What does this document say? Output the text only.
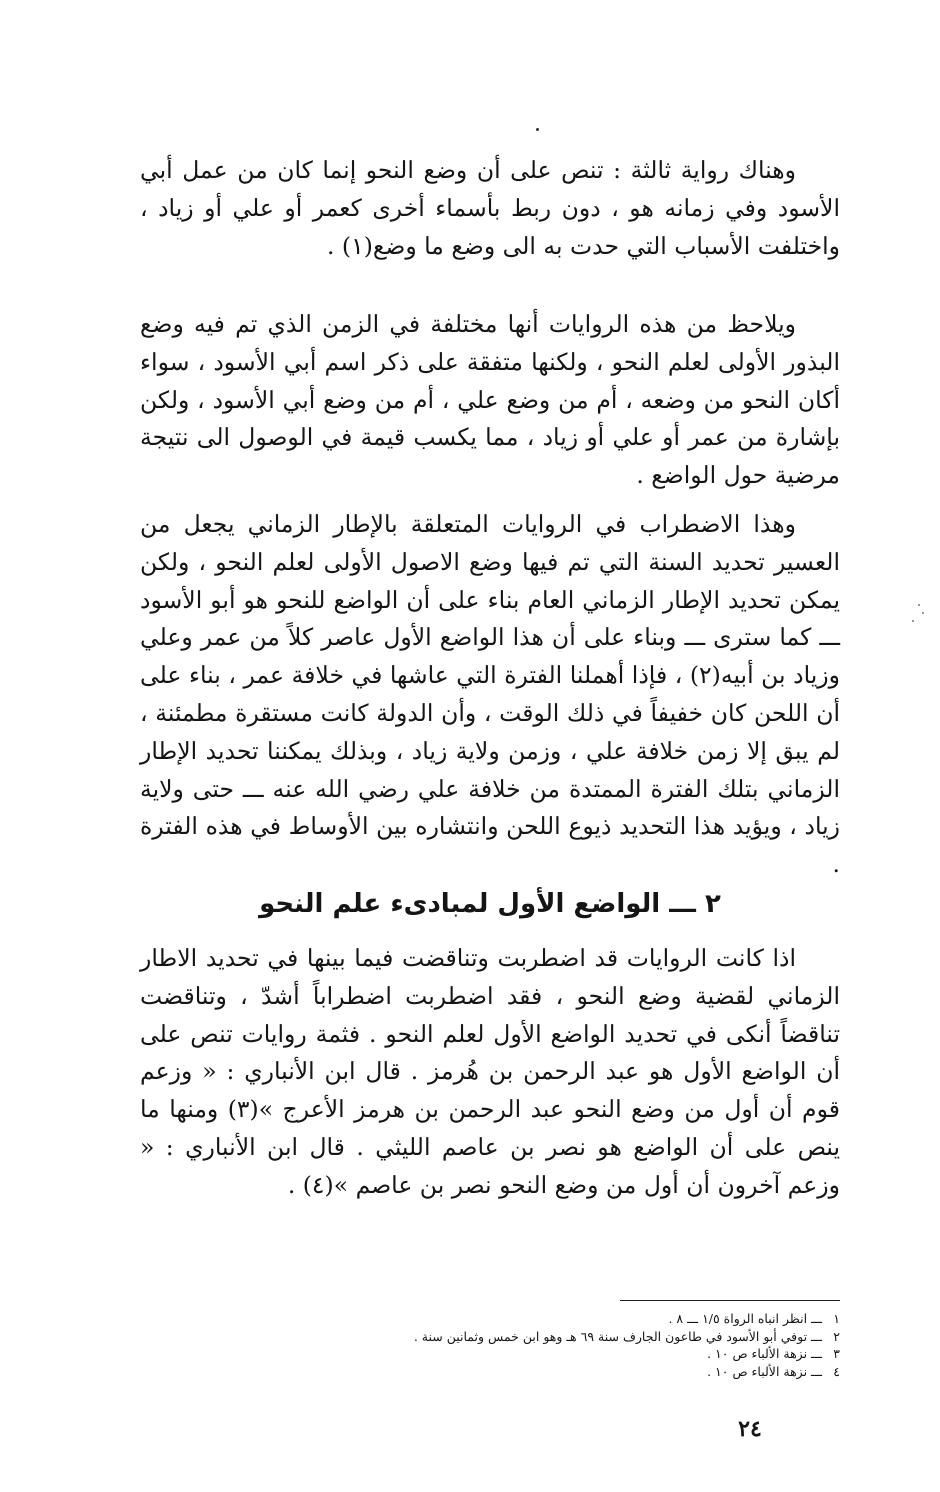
وهناك رواية ثالثة : تنص على أن وضع النحو إنما كان من عمل أبي الأسود وفي زمانه هو ، دون ربط بأسماء أخرى كعمر أو علي أو زياد ، واختلفت الأسباب التي حدت به الى وضع ما وضع(١) .

ويلاحظ من هذه الروايات أنها مختلفة في الزمن الذي تم فيه وضع البذور الأولى لعلم النحو ، ولكنها متفقة على ذكر اسم أبي الأسود ، سواء أكان النحو من وضعه ، أم من وضع علي ، أم من وضع أبي الأسود ، ولكن بإشارة من عمر أو علي أو زياد ، مما يكسب قيمة في الوصول الى نتيجة مرضية حول الواضع .

وهذا الاضطراب في الروايات المتعلقة بالإطار الزماني يجعل من العسير تحديد السنة التي تم فيها وضع الاصول الأولى لعلم النحو ، ولكن يمكن تحديد الإطار الزماني العام بناء على أن الواضع للنحو هو أبو الأسود ـــ كما سترى ـــ وبناء على أن هذا الواضع الأول عاصر كلاً من عمر وعلي وزياد بن أبيه(٢) ، فإذا أهملنا الفترة التي عاشها في خلافة عمر ، بناء على أن اللحن كان خفيفاً في ذلك الوقت ، وأن الدولة كانت مستقرة مطمئنة ، لم يبق إلا زمن خلافة علي ، وزمن ولاية زياد ، وبذلك يمكننا تحديد الإطار الزماني بتلك الفترة الممتدة من خلافة علي رضي الله عنه ـــ حتى ولاية زياد ، ويؤيد هذا التحديد ذيوع اللحن وانتشاره بين الأوساط في هذه الفترة .

٢ ـــ الواضع الأول لمبادىء علم النحو

اذا كانت الروايات قد اضطربت وتناقضت فيما بينها في تحديد الاطار الزماني لقضية وضع النحو ، فقد اضطربت اضطراباً أشدّ ، وتناقضت تناقضاً أنكى في تحديد الواضع الأول لعلم النحو . فثمة روايات تنص على أن الواضع الأول هو عبد الرحمن بن هُرمز . قال ابن الأنباري : « وزعم قوم أن أول من وضع النحو عبد الرحمن بن هرمز الأعرج »(٣) ومنها ما ينص على أن الواضع هو نصر بن عاصم الليثي . قال ابن الأنباري : « وزعم آخرون أن أول من وضع النحو نصر بن عاصم »(٤) .

١ ـــ انظر انباه الرواة ١/٥ ـــ ٨ .
٢ ـــ توفي أبو الأسود في طاعون الجارف سنة ٦٩ هـ وهو ابن خمس وثمانين سنة .
٣ ـــ نزهة الألباء ص ١٠ .
٤ ـــ نزهة الألباء ص ١٠ .
٢٤
